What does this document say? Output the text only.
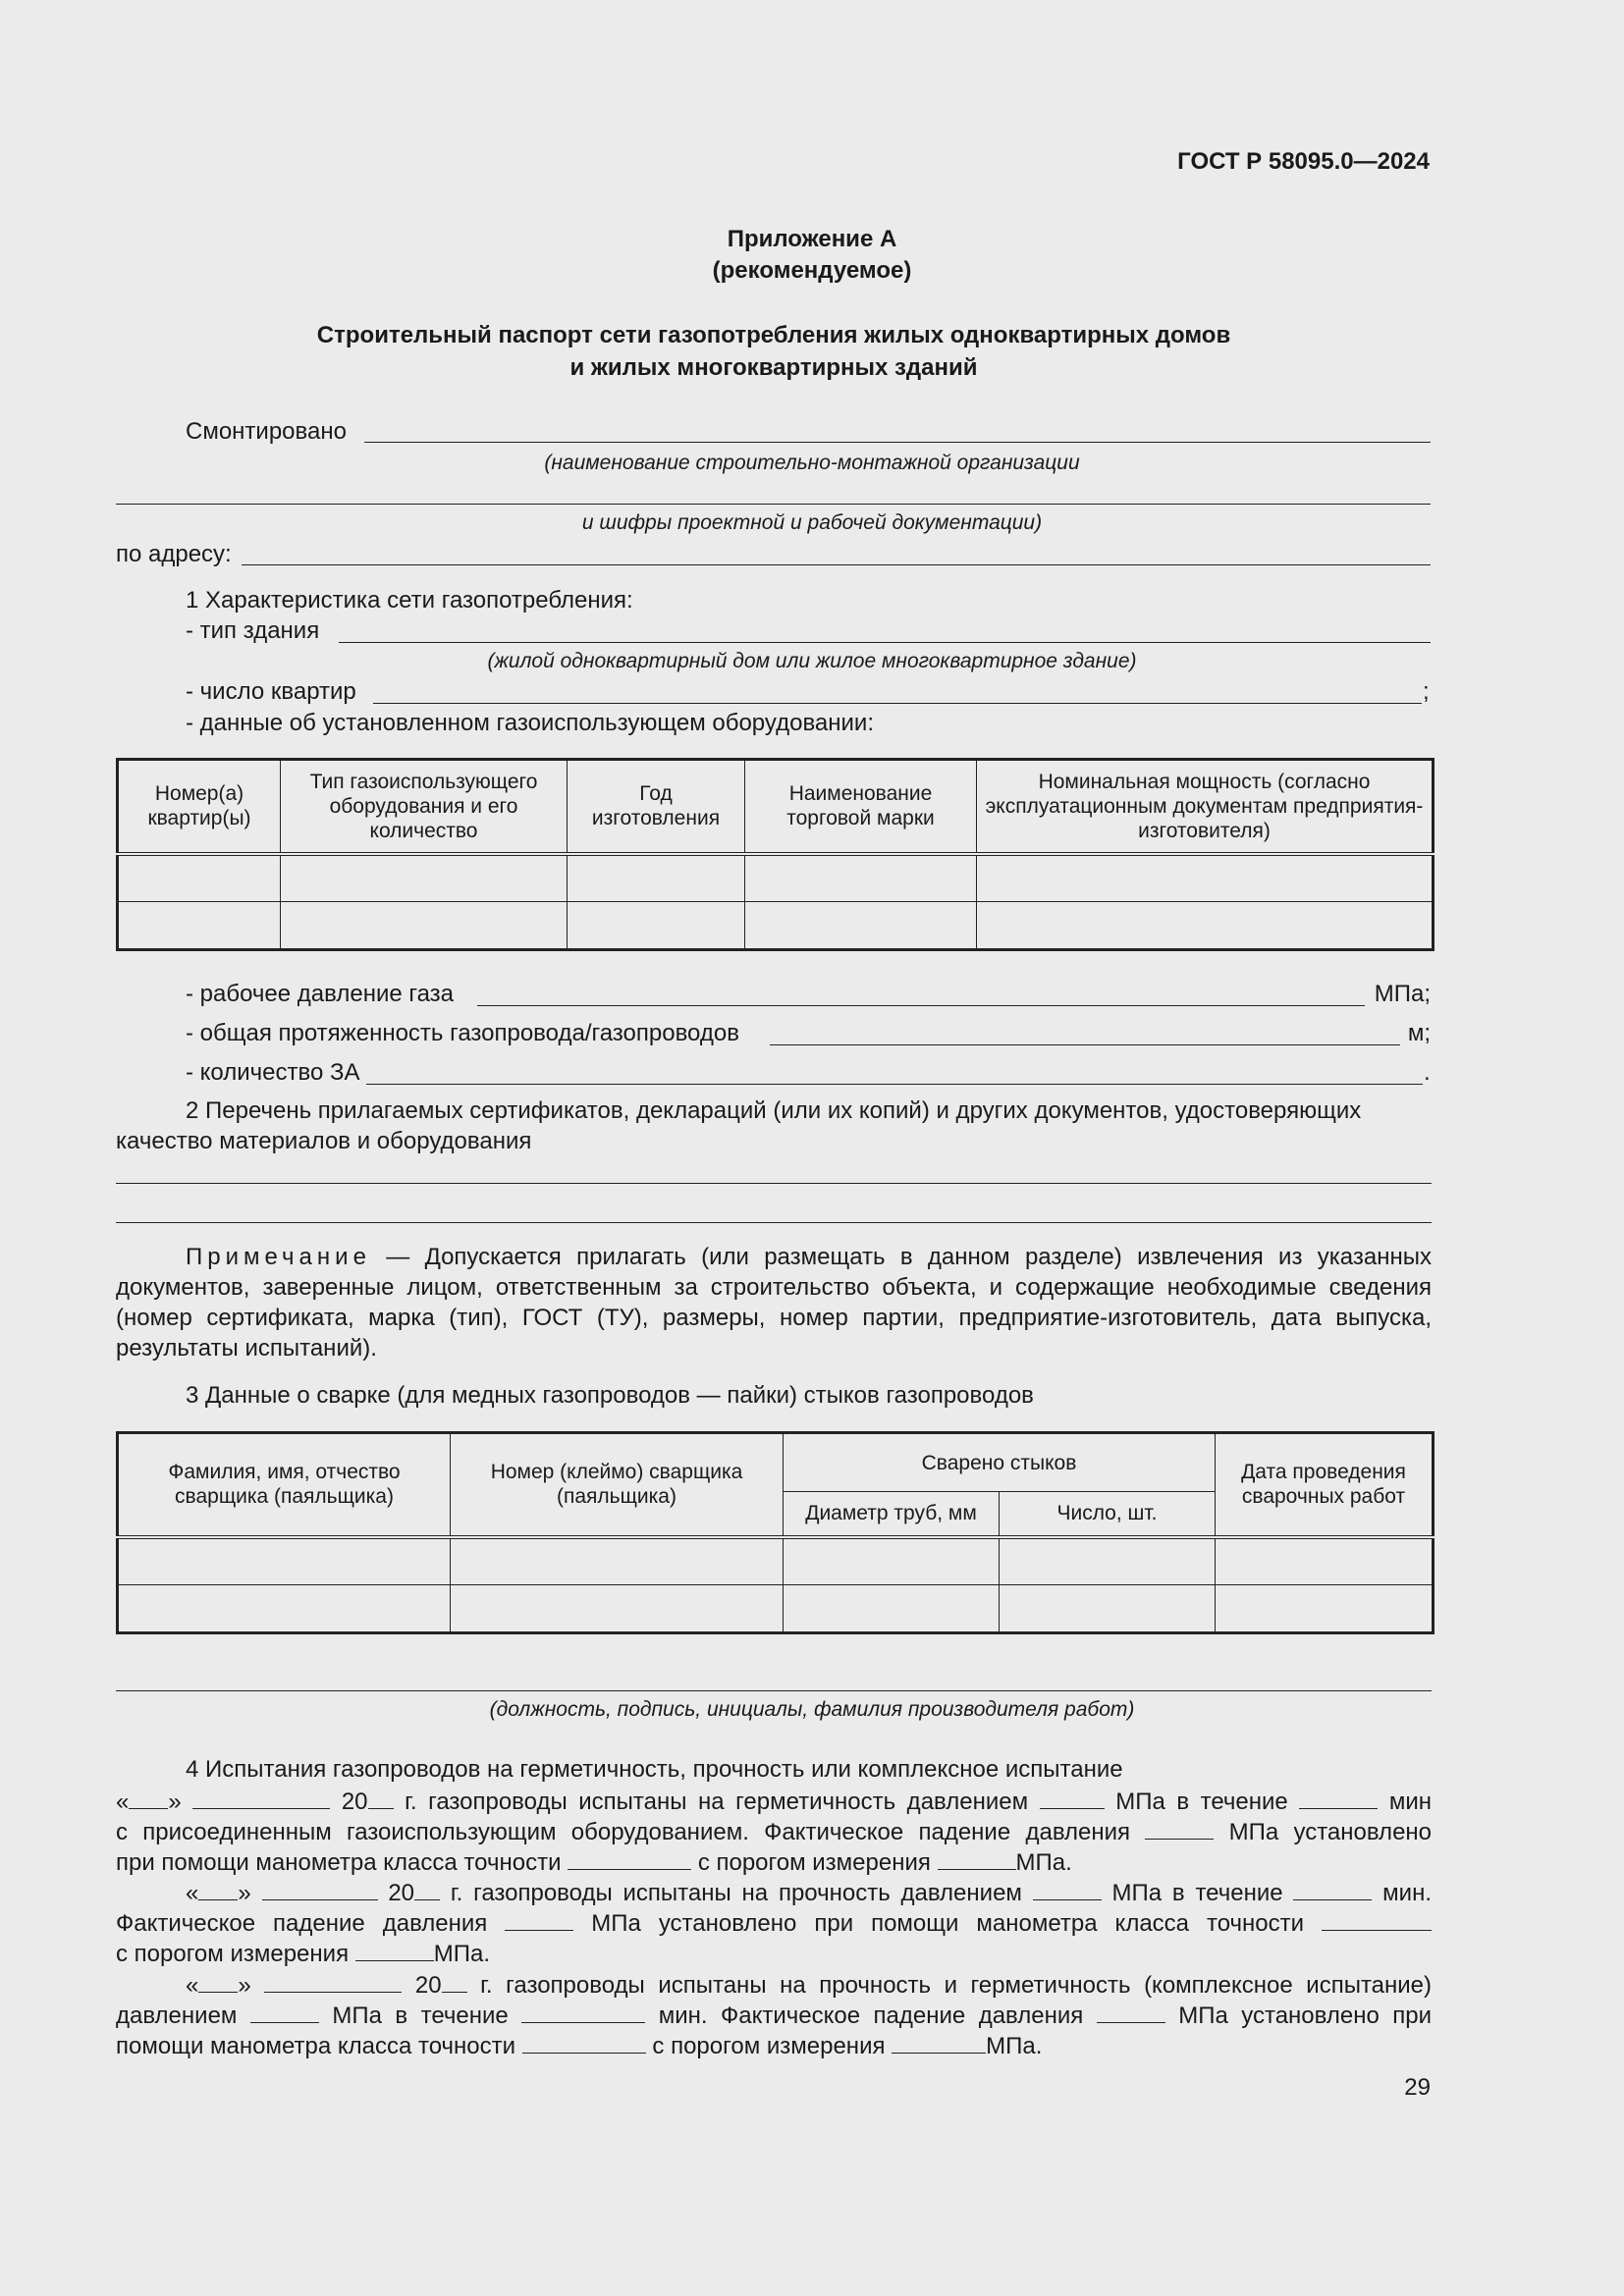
ГОСТ Р 58095.0—2024
Приложение А
(рекомендуемое)
Строительный паспорт сети газопотребления жилых одноквартирных домов
и жилых многоквартирных зданий
Смонтировано
(наименование строительно-монтажной организации
и шифры проектной и рабочей документации)
по адресу:
1 Характеристика сети газопотребления:
- тип здания
(жилой одноквартирный дом или жилое многоквартирное здание)
- число квартир	;
- данные об установленном газоиспользующем оборудовании:
Номер(а) квартир(ы)	Тип газоиспользующего оборудования и его количество	Год изготовления	Наименование торговой марки	Номинальная мощность (согласно эксплуатационным документам предприятия-изготовителя)

- рабочее давление газа	МПа;
- общая протяженность газопровода/газопроводов	м;
- количество ЗА	.
2 Перечень прилагаемых сертификатов, деклараций (или их копий) и других документов, удостоверяющих
качество материалов и оборудования
Примечание — Допускается прилагать (или размещать в данном разделе) извлечения из указанных
документов, заверенные лицом, ответственным за строительство объекта, и содержащие необходимые сведения
(номер сертификата, марка (тип), ГОСТ (ТУ), размеры, номер партии, предприятие-изготовитель, дата выпуска,
результаты испытаний).
3 Данные о сварке (для медных газопроводов — пайки) стыков газопроводов
Фамилия, имя, отчество сварщика (паяльщика)	Номер (клеймо) сварщика (паяльщика)	Сварено стыков		Дата проведения сварочных работ
		Диаметр труб, мм	Число, шт.	

(должность, подпись, инициалы, фамилия производителя работ)
4 Испытания газопроводов на герметичность, прочность или комплексное испытание
« »	20 г. газопроводы испытаны на герметичность давлением	МПа в течение	мин
с присоединенным газоиспользующим оборудованием. Фактическое падение давления	МПа установлено
при помощи манометра класса точности	с порогом измерения	МПа.
« »	20 г. газопроводы испытаны на прочность давлением	МПа в течение	мин.
Фактическое падение давления	МПа установлено при помощи манометра класса точности
с порогом измерения	МПа.
« »	20 г. газопроводы испытаны на прочность и герметичность (комплексное испытание)
давлением	МПа в течение	мин. Фактическое падение давления	МПа установлено при
помощи манометра класса точности	с порогом измерения	МПа.
29
